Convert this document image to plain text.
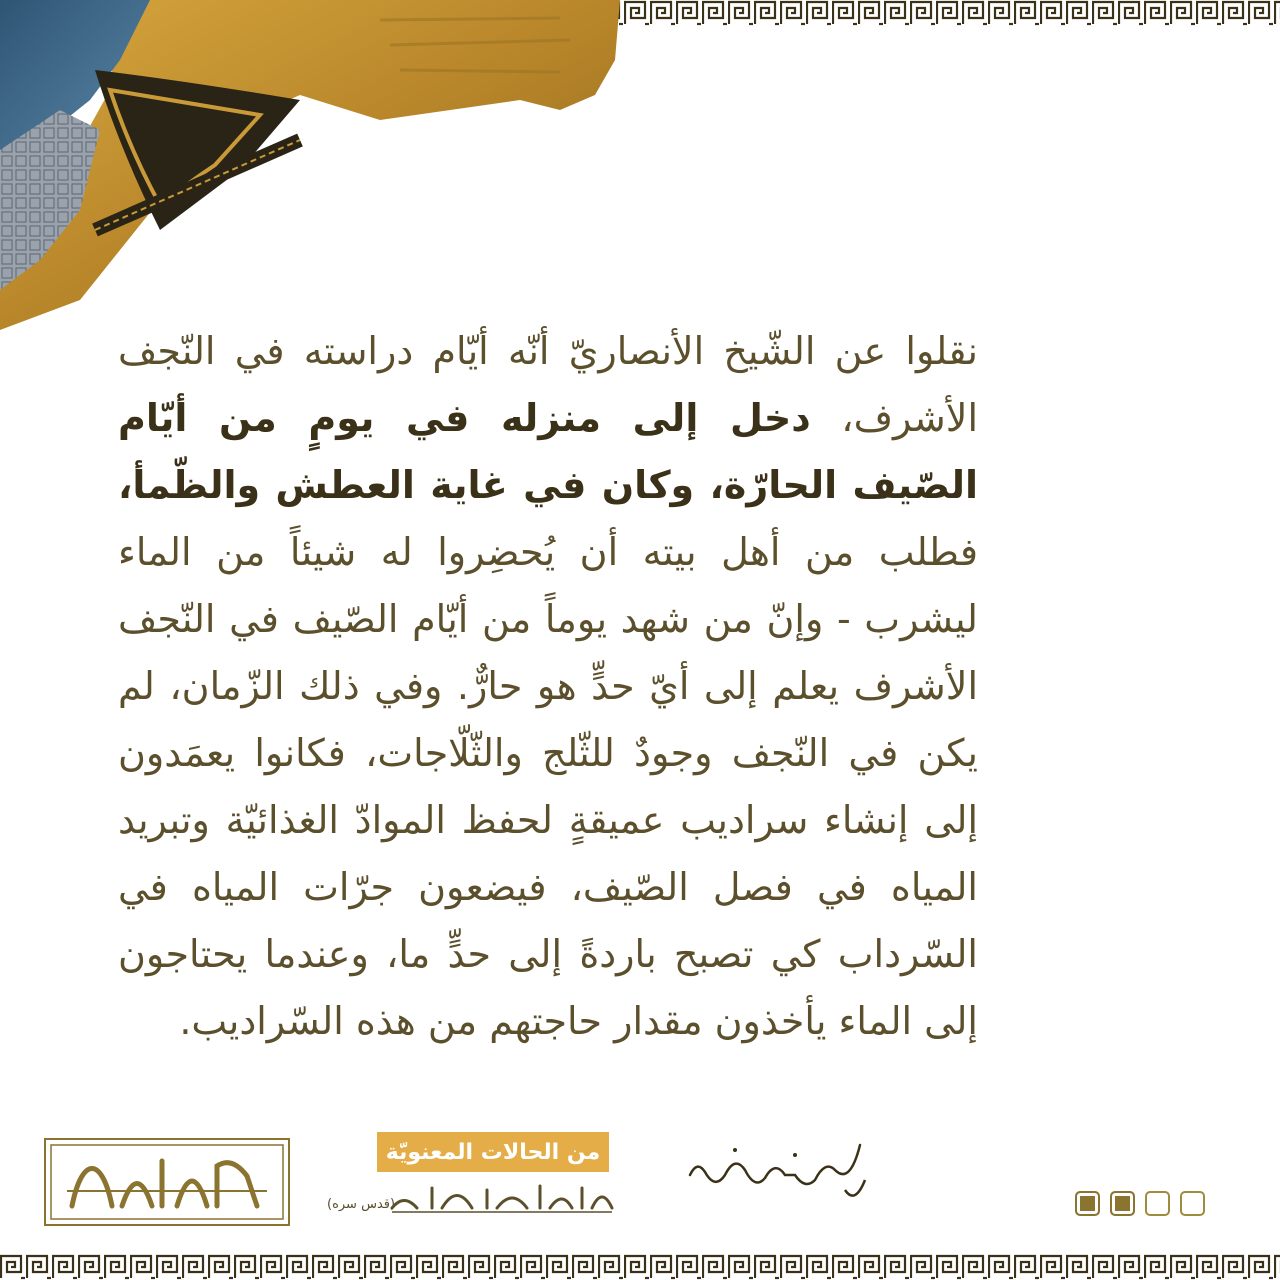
نقلوا عن الشّيخ الأنصاريّ أنّه أيّام دراسته في النّجف الأشرف، دخل إلى منزله في يومٍ من أيّام الصّيف الحارّة، وكان في غاية العطش والظّمأ، فطلب من أهل بيته أن يُحضِروا له شيئاً من الماء ليشرب - وإنّ من شهد يوماً من أيّام الصّيف في النّجف الأشرف يعلم إلى أيّ حدٍّ هو حارٌّ. وفي ذلك الزّمان، لم يكن في النّجف وجودٌ للثّلج والثّلّاجات، فكانوا يعمَدون إلى إنشاء سراديب عميقةٍ لحفظ الموادّ الغذائيّة وتبريد المياه في فصل الصّيف، فيضعون جرّات المياه في السّرداب كي تصبح باردةً إلى حدٍّ ما، وعندما يحتاجون إلى الماء يأخذون مقدار حاجتهم من هذه السّراديب.
من الحالات المعنويّة
(قدس سره)
